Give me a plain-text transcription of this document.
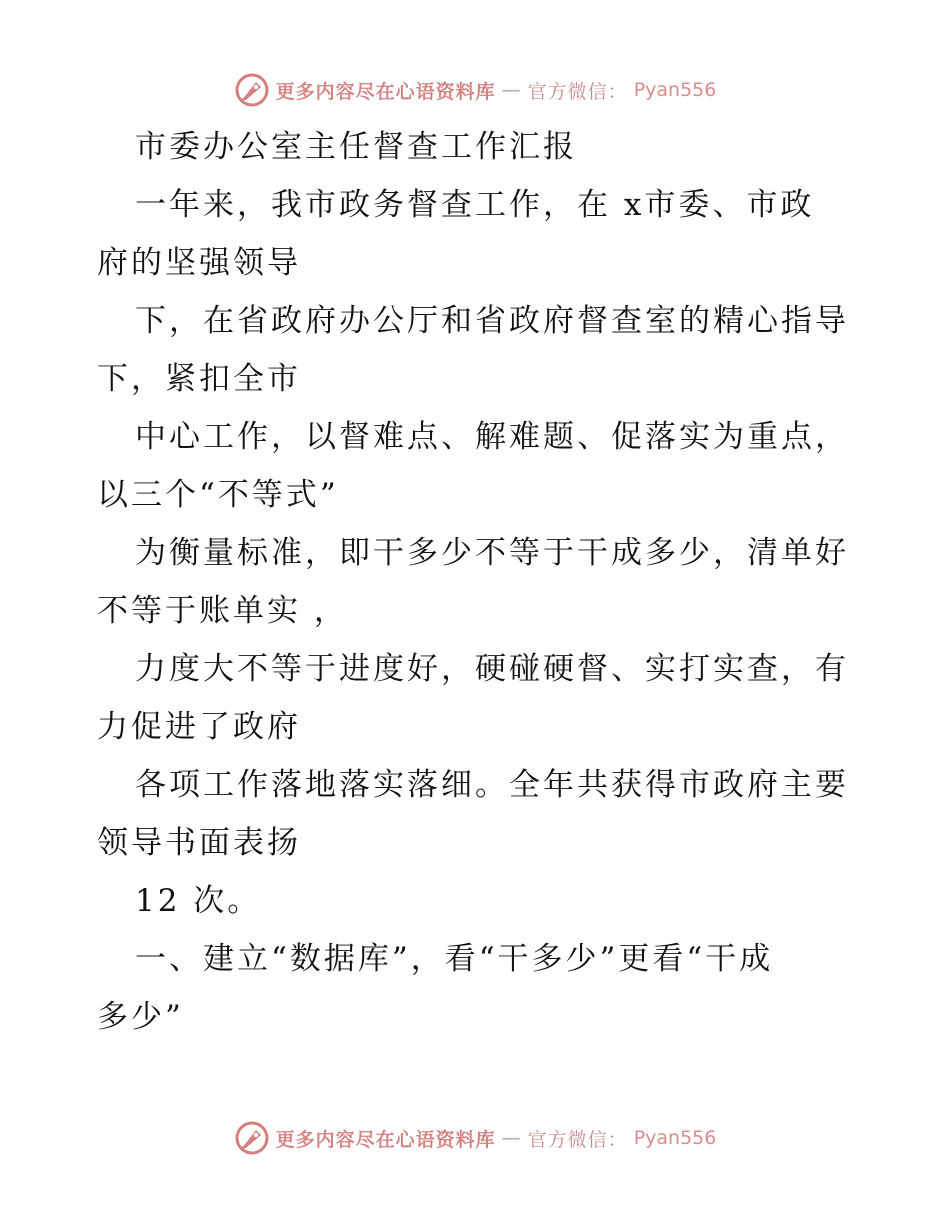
更多内容尽在心语资料库 — 官方微信： Pyan556
市委办公室主任督查工作汇报
一年来，我市政务督查工作，在 x市委、市政
府的坚强领导
下，在省政府办公厅和省政府督查室的精心指导
下，紧扣全市
中心工作，以督难点、解难题、促落实为重点，
以三个“不等式”
为衡量标准，即干多少不等于干成多少，清单好
不等于账单实 ，
力度大不等于进度好，硬碰硬督、实打实查，有
力促进了政府
各项工作落地落实落细。全年共获得市政府主要
领导书面表扬
12 次。
一、建立“数据库”，看“干多少”更看“干成
多少”
更多内容尽在心语资料库 — 官方微信： Pyan556
